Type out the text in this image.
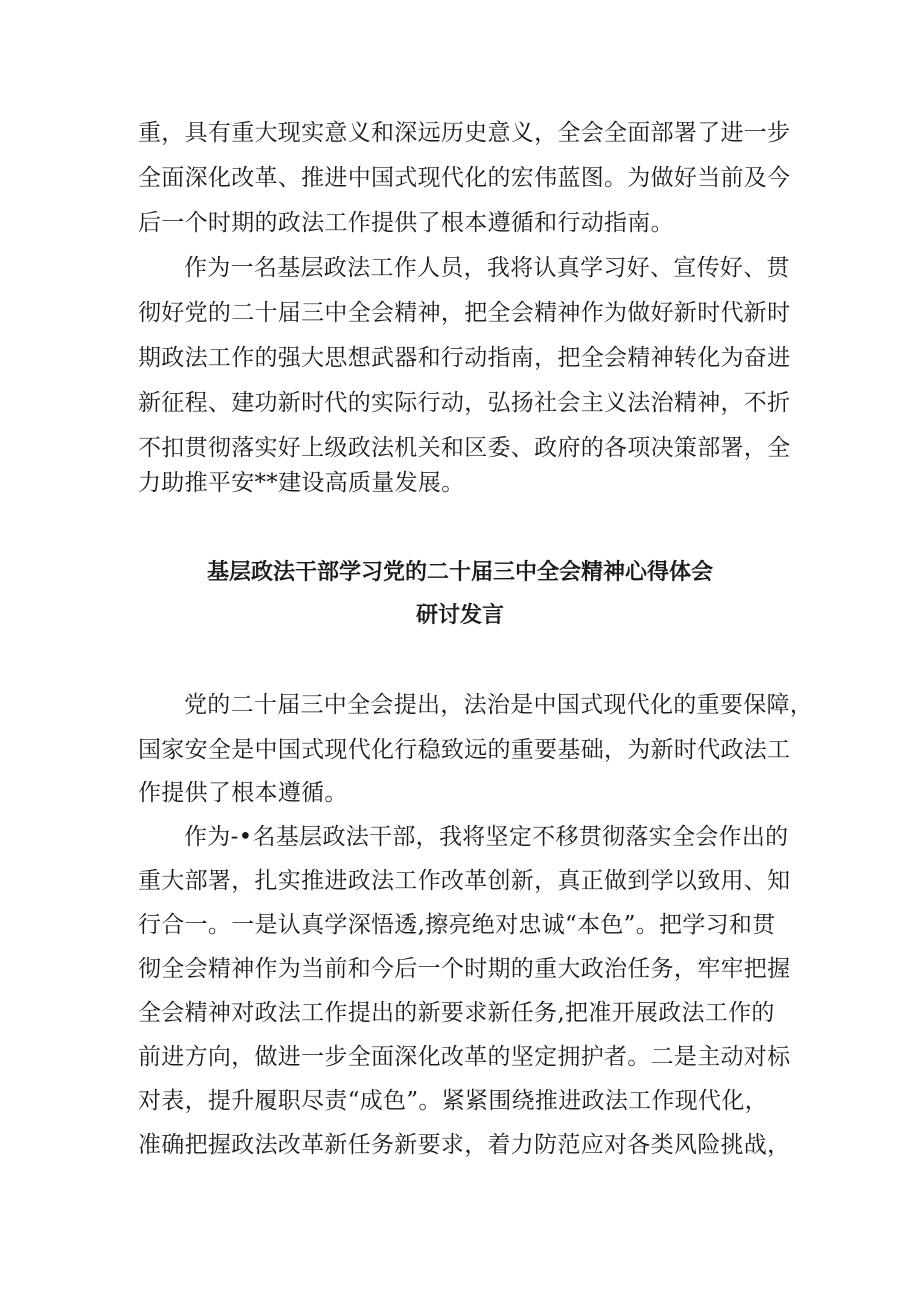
重，具有重大现实意义和深远历史意义，全会全面部署了进一步
全面深化改革、推进中国式现代化的宏伟蓝图。为做好当前及今
后一个时期的政法工作提供了根本遵循和行动指南。
作为一名基层政法工作人员，我将认真学习好、宣传好、贯
彻好党的二十届三中全会精神，把全会精神作为做好新时代新时
期政法工作的强大思想武器和行动指南，把全会精神转化为奋进
新征程、建功新时代的实际行动，弘扬社会主义法治精神，不折
不扣贯彻落实好上级政法机关和区委、政府的各项决策部署，全
力助推平安**建设高质量发展。
基层政法干部学习党的二十届三中全会精神心得体会
研讨发言
党的二十届三中全会提出，法治是中国式现代化的重要保障，
国家安全是中国式现代化行稳致远的重要基础，为新时代政法工
作提供了根本遵循。
作为-•名基层政法干部，我将坚定不移贯彻落实全会作出的
重大部署，扎实推进政法工作改革创新，真正做到学以致用、知
行合一。一是认真学深悟透,擦亮绝对忠诚“本色”。把学习和贯
彻全会精神作为当前和今后一个时期的重大政治任务，牢牢把握
全会精神对政法工作提出的新要求新任务,把准开展政法工作的
前进方向，做进一步全面深化改革的坚定拥护者。二是主动对标
对表，提升履职尽责“成色”。紧紧围绕推进政法工作现代化，
准确把握政法改革新任务新要求，着力防范应对各类风险挑战，
